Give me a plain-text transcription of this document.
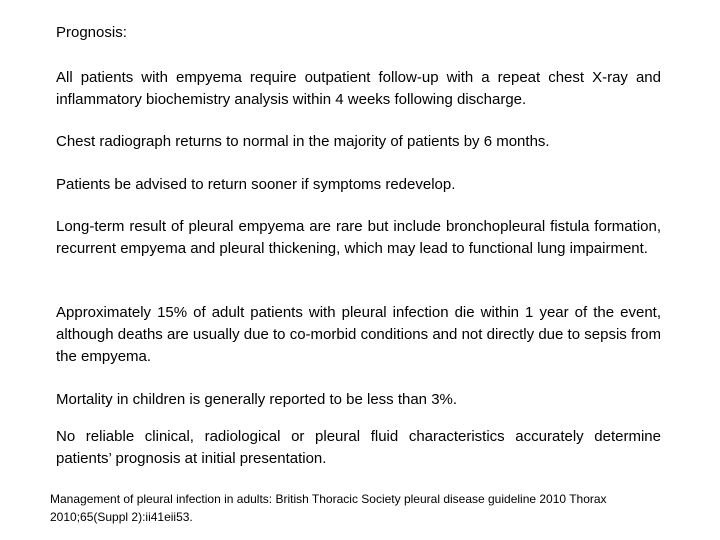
Prognosis:
All patients with empyema require outpatient follow-up with a repeat chest X-ray and inflammatory biochemistry analysis within 4 weeks following discharge.
Chest radiograph returns to normal in the majority of patients by 6 months.
Patients be advised to return sooner if symptoms redevelop.
Long-term result of pleural empyema are rare but include bronchopleural fistula formation, recurrent empyema and pleural thickening, which may lead to functional lung impairment.
Approximately 15% of adult patients with pleural infection die within 1 year of the event, although deaths are usually due to co-morbid conditions and not directly due to sepsis from the empyema.
Mortality in children is generally reported to be less than 3%.
No reliable clinical, radiological or pleural fluid characteristics accurately determine patients’ prognosis at initial presentation.
Management of pleural infection in adults: British Thoracic Society pleural disease guideline 2010 Thorax 2010;65(Suppl 2):ii41eii53.
